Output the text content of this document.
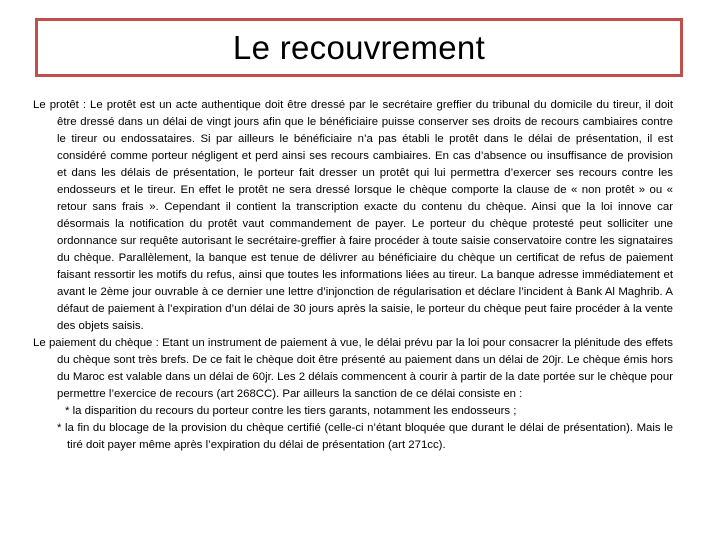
Le recouvrement

Le protêt : Le protêt est un acte authentique doit être dressé par le secrétaire greffier du tribunal du domicile du tireur, il doit être dressé dans un délai de vingt jours afin que le bénéficiaire puisse conserver ses droits de recours cambiaires contre le tireur ou endossataires. Si par ailleurs le bénéficiaire n’a pas établi le protêt dans le délai de présentation, il est considéré comme porteur négligent et perd ainsi ses recours cambiaires. En cas d’absence ou insuffisance de provision et dans les délais de présentation, le porteur fait dresser un protêt qui lui permettra d’exercer ses recours contre les endosseurs et le tireur. En effet le protêt ne sera dressé lorsque le chèque comporte la clause de « non protêt » ou « retour sans frais ». Cependant il contient la transcription exacte du contenu du chèque. Ainsi que la loi innove car désormais la notification du protêt vaut commandement de payer. Le porteur du chèque protesté peut solliciter une ordonnance sur requête autorisant le secrétaire-greffier à faire procéder à toute saisie conservatoire contre les signataires du chèque. Parallèlement, la banque est tenue de délivrer au bénéficiaire du chèque un certificat de refus de paiement faisant ressortir les motifs du refus, ainsi que toutes les informations liées au tireur. La banque adresse immédiatement et avant le 2ème jour ouvrable à ce dernier une lettre d’injonction de régularisation et déclare l’incident à Bank Al Maghrib. A défaut de paiement à l’expiration d’un délai de 30 jours après la saisie, le porteur du chèque peut faire procéder à la vente des objets saisis.

Le paiement du chèque : Etant un instrument de paiement à vue, le délai prévu par la loi pour consacrer la plénitude des effets du chèque sont très brefs. De ce fait le chèque doit être présenté au paiement dans un délai de 20jr. Le chèque émis hors du Maroc est valable dans un délai de 60jr. Les 2 délais commencent à courir à partir de la date portée sur le chèque pour permettre l’exercice de recours (art 268CC). Par ailleurs la sanction de ce délai consiste en :

* la disparition du recours du porteur contre les tiers garants, notamment les endosseurs ;

* la fin du blocage de la provision du chèque certifié (celle-ci n’étant bloquée que durant le délai de présentation). Mais le tiré doit payer même après l’expiration du délai de présentation (art 271cc).
